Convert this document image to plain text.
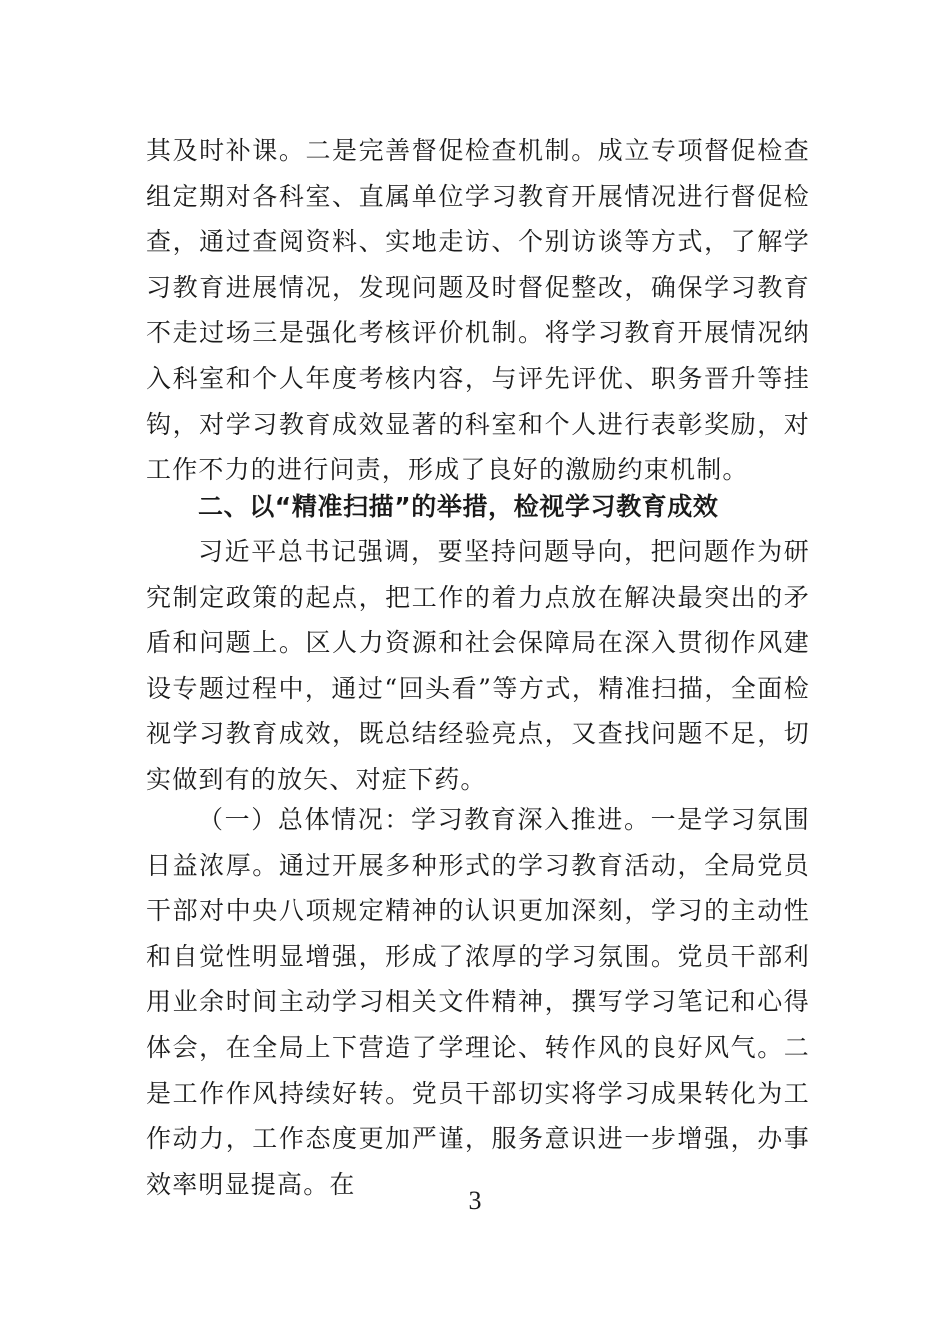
其及时补课。二是完善督促检查机制。成立专项督促检查组定期对各科室、直属单位学习教育开展情况进行督促检查，通过查阅资料、实地走访、个别访谈等方式，了解学习教育进展情况，发现问题及时督促整改，确保学习教育不走过场三是强化考核评价机制。将学习教育开展情况纳入科室和个人年度考核内容，与评先评优、职务晋升等挂钩，对学习教育成效显著的科室和个人进行表彰奖励，对工作不力的进行问责，形成了良好的激励约束机制。

二、以“精准扫描”的举措，检视学习教育成效

习近平总书记强调，要坚持问题导向，把问题作为研究制定政策的起点，把工作的着力点放在解决最突出的矛盾和问题上。区人力资源和社会保障局在深入贯彻作风建设专题过程中，通过“回头看”等方式，精准扫描，全面检视学习教育成效，既总结经验亮点，又查找问题不足，切实做到有的放矢、对症下药。

（一）总体情况：学习教育深入推进。一是学习氛围日益浓厚。通过开展多种形式的学习教育活动，全局党员干部对中央八项规定精神的认识更加深刻，学习的主动性和自觉性明显增强，形成了浓厚的学习氛围。党员干部利用业余时间主动学习相关文件精神，撰写学习笔记和心得体会，在全局上下营造了学理论、转作风的良好风气。二是工作作风持续好转。党员干部切实将学习成果转化为工作动力，工作态度更加严谨，服务意识进一步增强，办事效率明显提高。在

3
